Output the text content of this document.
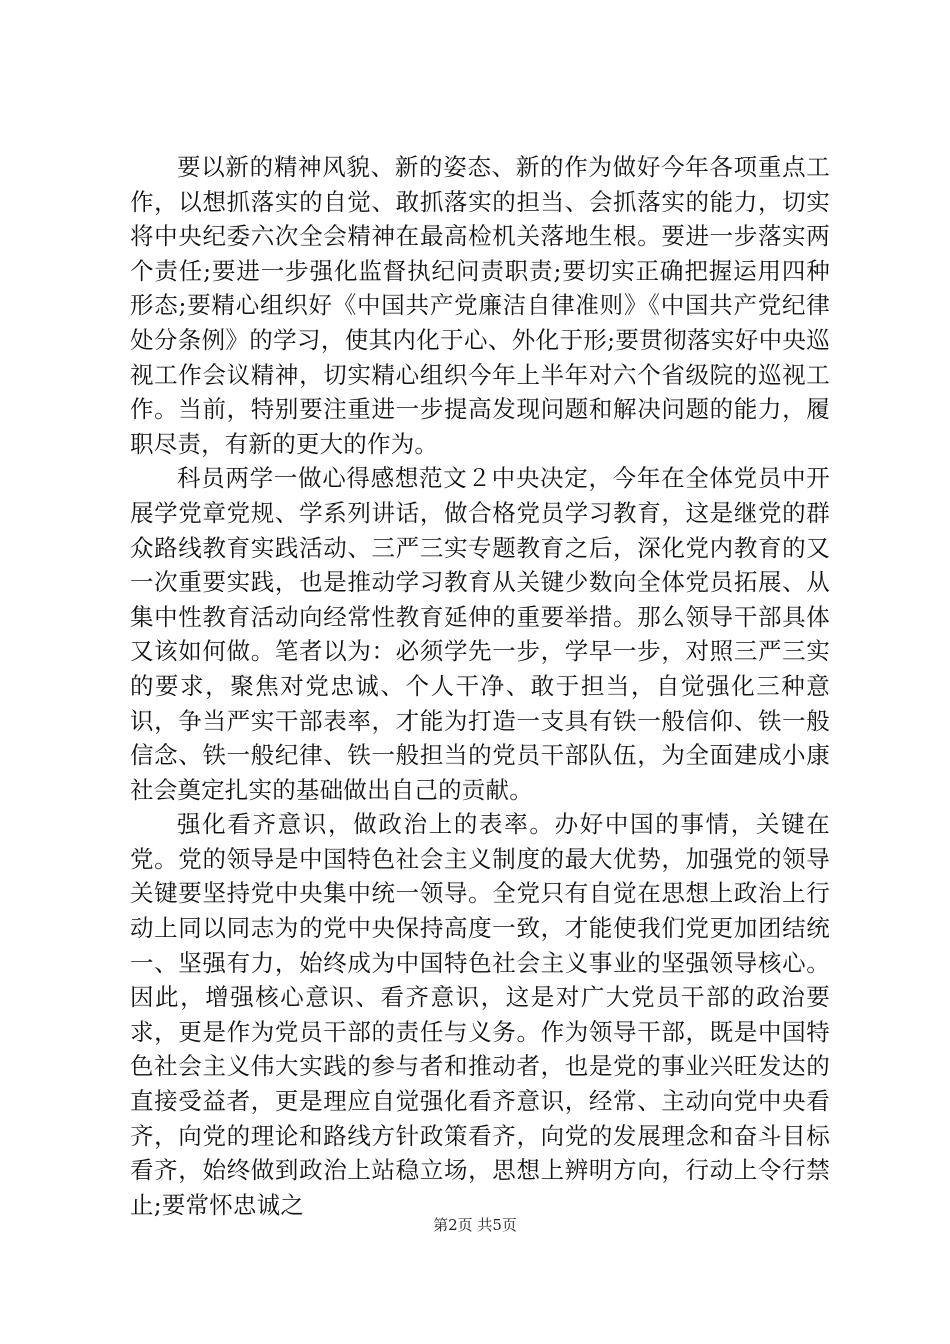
要以新的精神风貌、新的姿态、新的作为做好今年各项重点工作，以想抓落实的自觉、敢抓落实的担当、会抓落实的能力，切实将中央纪委六次全会精神在最高检机关落地生根。要进一步落实两个责任;要进一步强化监督执纪问责职责;要切实正确把握运用四种形态;要精心组织好《中国共产党廉洁自律准则》《中国共产党纪律处分条例》的学习，使其内化于心、外化于形;要贯彻落实好中央巡视工作会议精神，切实精心组织今年上半年对六个省级院的巡视工作。当前，特别要注重进一步提高发现问题和解决问题的能力，履职尽责，有新的更大的作为。

科员两学一做心得感想范文２中央决定，今年在全体党员中开展学党章党规、学系列讲话，做合格党员学习教育，这是继党的群众路线教育实践活动、三严三实专题教育之后，深化党内教育的又一次重要实践，也是推动学习教育从关键少数向全体党员拓展、从集中性教育活动向经常性教育延伸的重要举措。那么领导干部具体又该如何做。笔者以为：必须学先一步，学早一步，对照三严三实的要求，聚焦对党忠诚、个人干净、敢于担当，自觉强化三种意识，争当严实干部表率，才能为打造一支具有铁一般信仰、铁一般信念、铁一般纪律、铁一般担当的党员干部队伍，为全面建成小康社会奠定扎实的基础做出自己的贡献。

强化看齐意识，做政治上的表率。办好中国的事情，关键在党。党的领导是中国特色社会主义制度的最大优势，加强党的领导关键要坚持党中央集中统一领导。全党只有自觉在思想上政治上行动上同以同志为的党中央保持高度一致，才能使我们党更加团结统一、坚强有力，始终成为中国特色社会主义事业的坚强领导核心。因此，增强核心意识、看齐意识，这是对广大党员干部的政治要求，更是作为党员干部的责任与义务。作为领导干部，既是中国特色社会主义伟大实践的参与者和推动者，也是党的事业兴旺发达的直接受益者，更是理应自觉强化看齐意识，经常、主动向党中央看齐，向党的理论和路线方针政策看齐，向党的发展理念和奋斗目标看齐，始终做到政治上站稳立场，思想上辨明方向，行动上令行禁止;要常怀忠诚之

第2页 共5页
